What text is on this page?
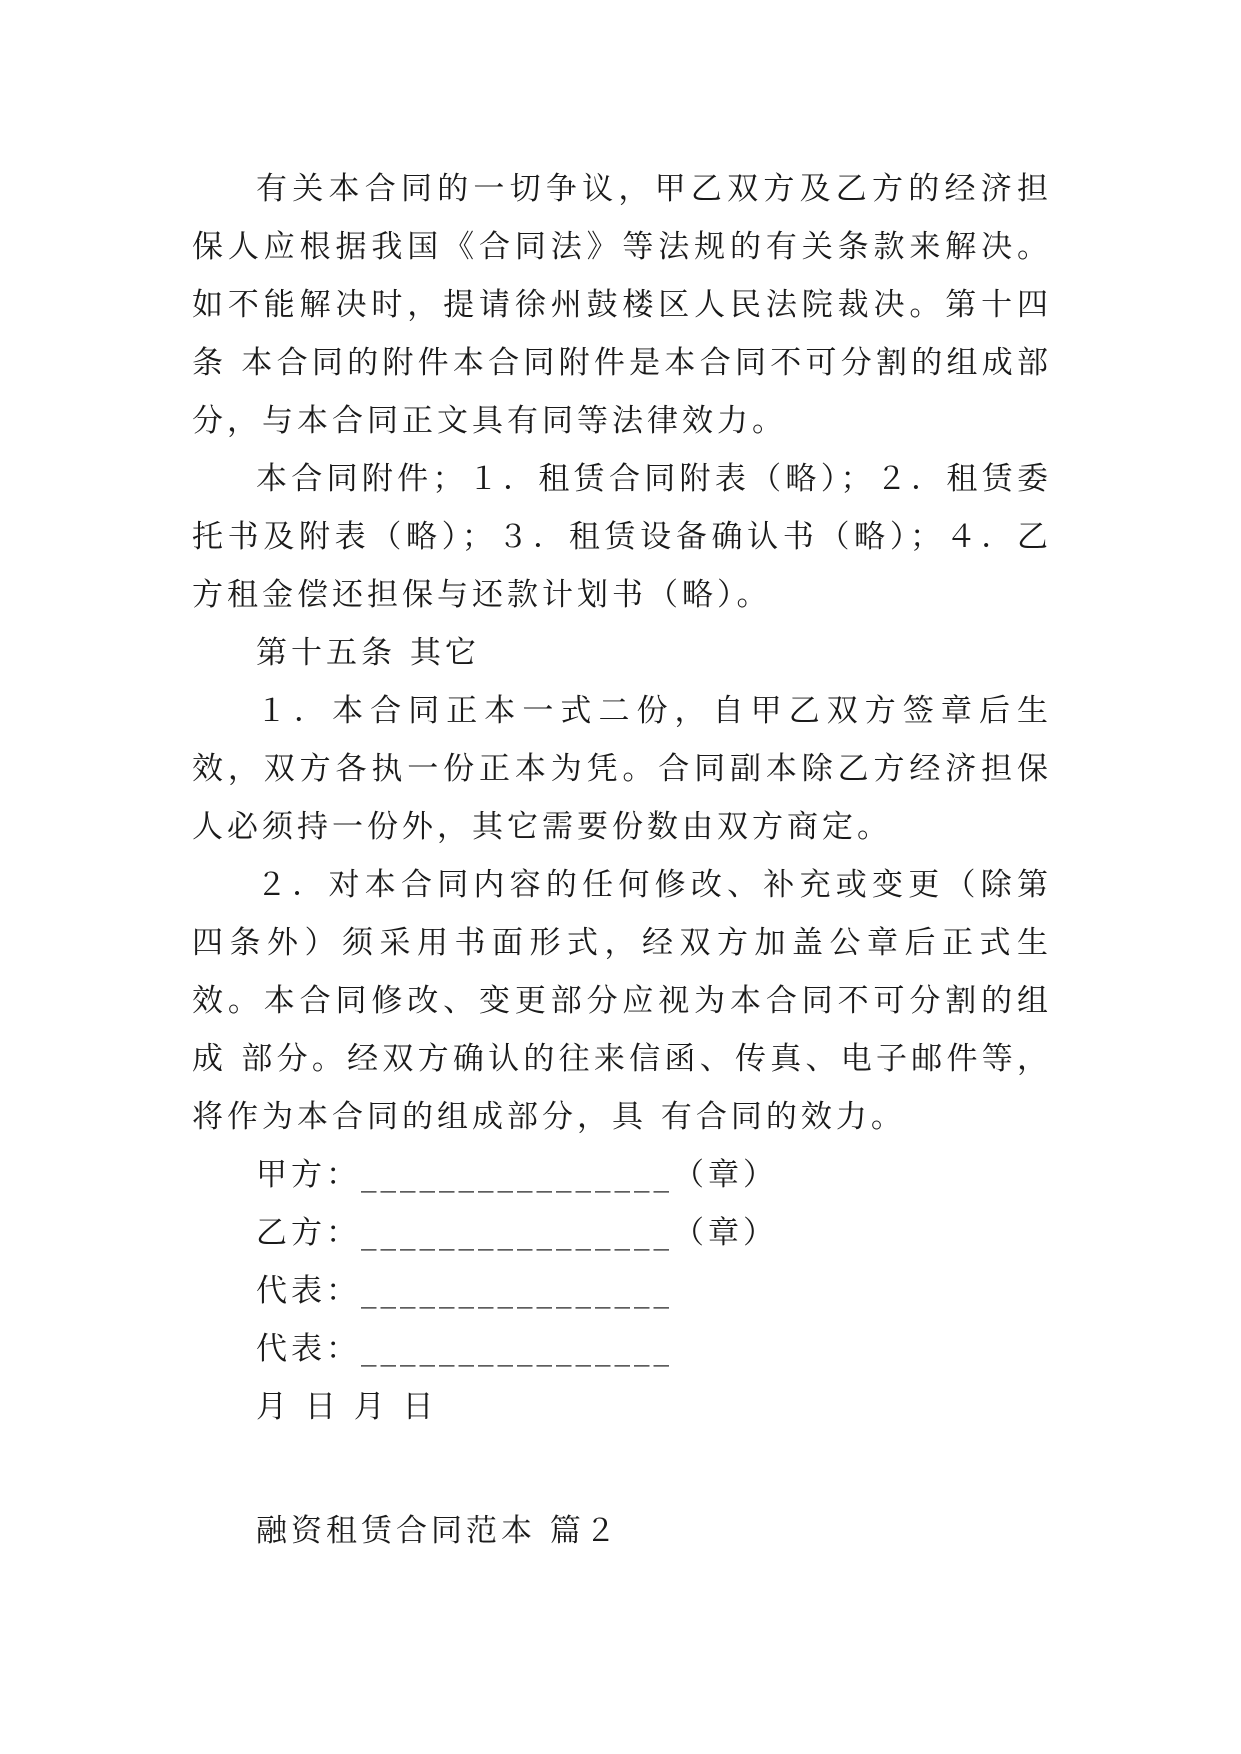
有关本合同的一切争议，甲乙双方及乙方的经济担保人应根据我国《合同法》等法规的有关条款来解决。如不能解决时，提请徐州鼓楼区人民法院裁决。第十四条 本合同的附件本合同附件是本合同不可分割的组成部分，与本合同正文具有同等法律效力。

本合同附件；１．租赁合同附表（略）；２．租赁委托书及附表（略）；３．租赁设备确认书（略）；４．乙方租金偿还担保与还款计划书（略）。

第十五条 其它

１．本合同正本一式二份，自甲乙双方签章后生效，双方各执一份正本为凭。合同副本除乙方经济担保人必须持一份外，其它需要份数由双方商定。

２．对本合同内容的任何修改、补充或变更（除第四条外）须采用书面形式，经双方加盖公章后正式生效。本合同修改、变更部分应视为本合同不可分割的组成 部分。经双方确认的往来信函、传真、电子邮件等，将作为本合同的组成部分，具 有合同的效力。

甲方：________________（章）

乙方：________________（章）

代表：________________

代表：________________

月 日 月 日

融资租赁合同范本 篇２
